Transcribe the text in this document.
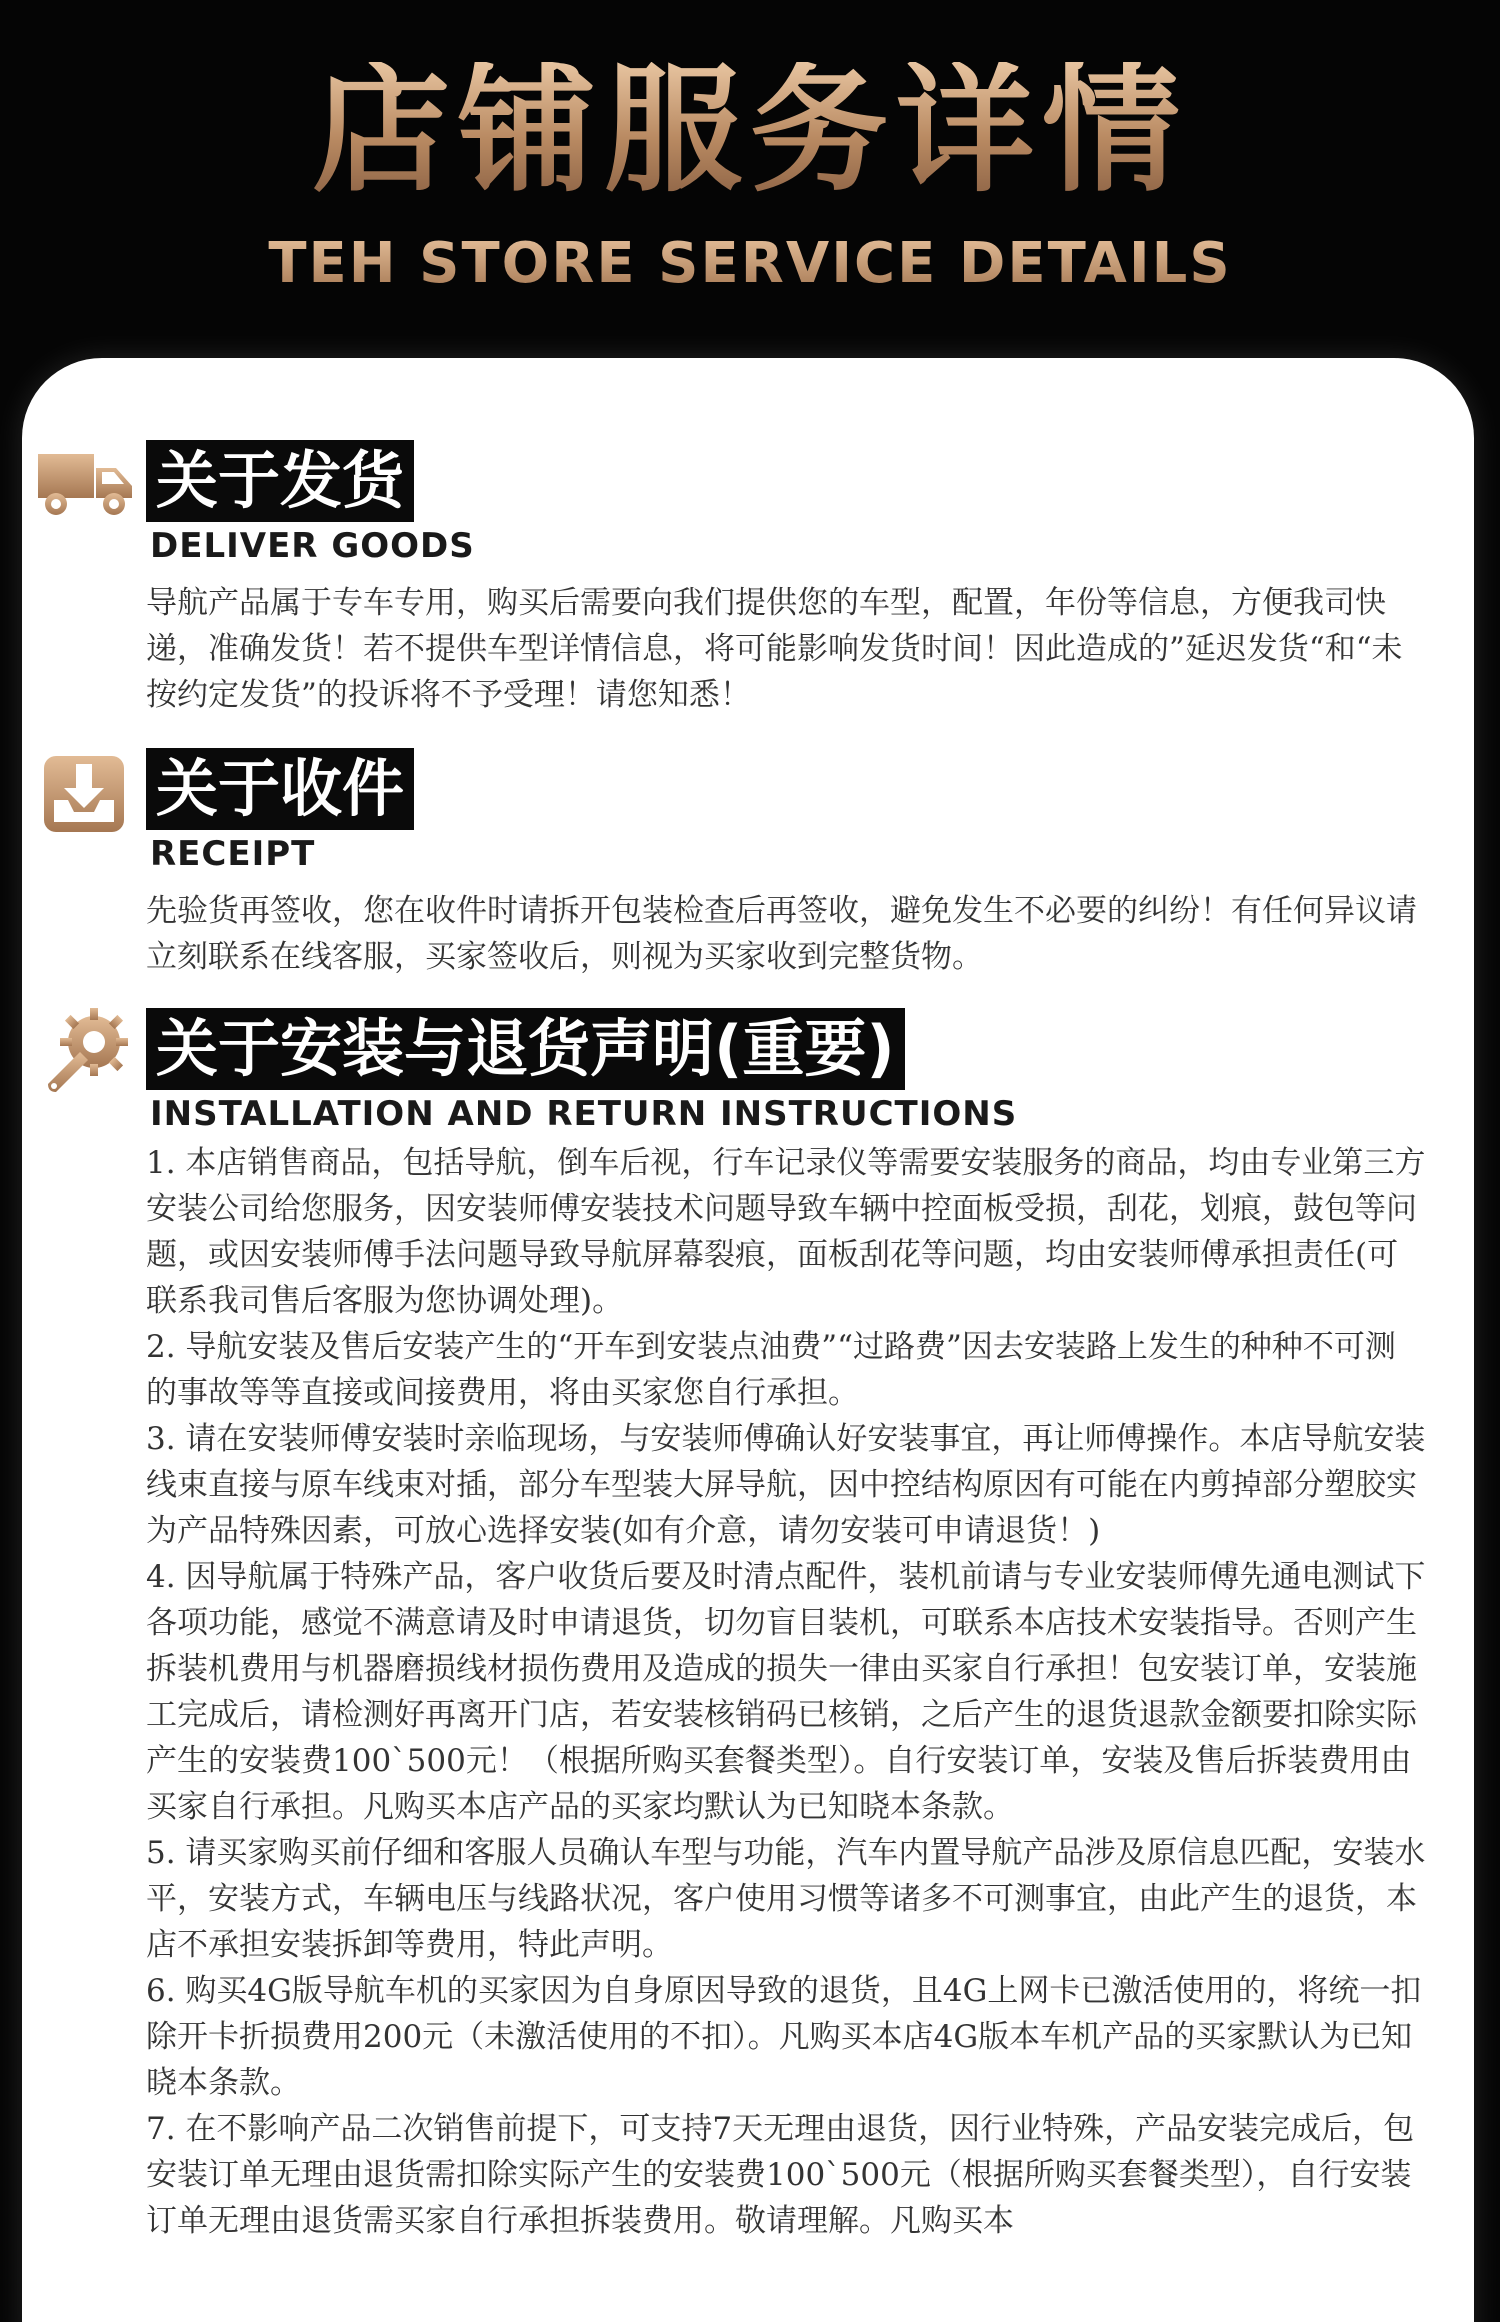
店铺服务详情
TEH STORE SERVICE DETAILS
关于发货
DELIVER GOODS

导航产品属于专车专用，购买后需要向我们提供您的车型，配置，年份等信息，方便我司快递，准确发货！若不提供车型详情信息，将可能影响发货时间！因此造成的”延迟发货“和“未按约定发货”的投诉将不予受理！请您知悉！

关于收件
RECEIPT

先验货再签收，您在收件时请拆开包装检查后再签收，避免发生不必要的纠纷！有任何异议请立刻联系在线客服，买家签收后，则视为买家收到完整货物。

关于安装与退货声明(重要)
INSTALLATION AND RETURN INSTRUCTIONS

1. 本店销售商品，包括导航，倒车后视，行车记录仪等需要安装服务的商品，均由专业第三方安装公司给您服务，因安装师傅安装技术问题导致车辆中控面板受损，刮花，划痕，鼓包等问题，或因安装师傅手法问题导致导航屏幕裂痕，面板刮花等问题，均由安装师傅承担责任(可联系我司售后客服为您协调处理)。

2. 导航安装及售后安装产生的“开车到安装点油费”“过路费”因去安装路上发生的种种不可测的事故等等直接或间接费用，将由买家您自行承担。

3. 请在安装师傅安装时亲临现场，与安装师傅确认好安装事宜，再让师傅操作。本店导航安装线束直接与原车线束对插，部分车型装大屏导航，因中控结构原因有可能在内剪掉部分塑胶实为产品特殊因素，可放心选择安装(如有介意，请勿安装可申请退货！)

4. 因导航属于特殊产品，客户收货后要及时清点配件，装机前请与专业安装师傅先通电测试下各项功能，感觉不满意请及时申请退货，切勿盲目装机，可联系本店技术安装指导。否则产生拆装机费用与机器磨损线材损伤费用及造成的损失一律由买家自行承担！包安装订单，安装施工完成后，请检测好再离开门店，若安装核销码已核销，之后产生的退货退款金额要扣除实际产生的安装费100`500元！（根据所购买套餐类型）。自行安装订单，安装及售后拆装费用由买家自行承担。凡购买本店产品的买家均默认为已知晓本条款。

5. 请买家购买前仔细和客服人员确认车型与功能，汽车内置导航产品涉及原信息匹配，安装水平，安装方式，车辆电压与线路状况，客户使用习惯等诸多不可测事宜，由此产生的退货，本店不承担安装拆卸等费用，特此声明。

6. 购买4G版导航车机的买家因为自身原因导致的退货，且4G上网卡已激活使用的，将统一扣除开卡折损费用200元（未激活使用的不扣）。凡购买本店4G版本车机产品的买家默认为已知晓本条款。

7. 在不影响产品二次销售前提下，可支持7天无理由退货，因行业特殊，产品安装完成后，包安装订单无理由退货需扣除实际产生的安装费100`500元（根据所购买套餐类型），自行安装订单无理由退货需买家自行承担拆装费用。敬请理解。凡购买本
